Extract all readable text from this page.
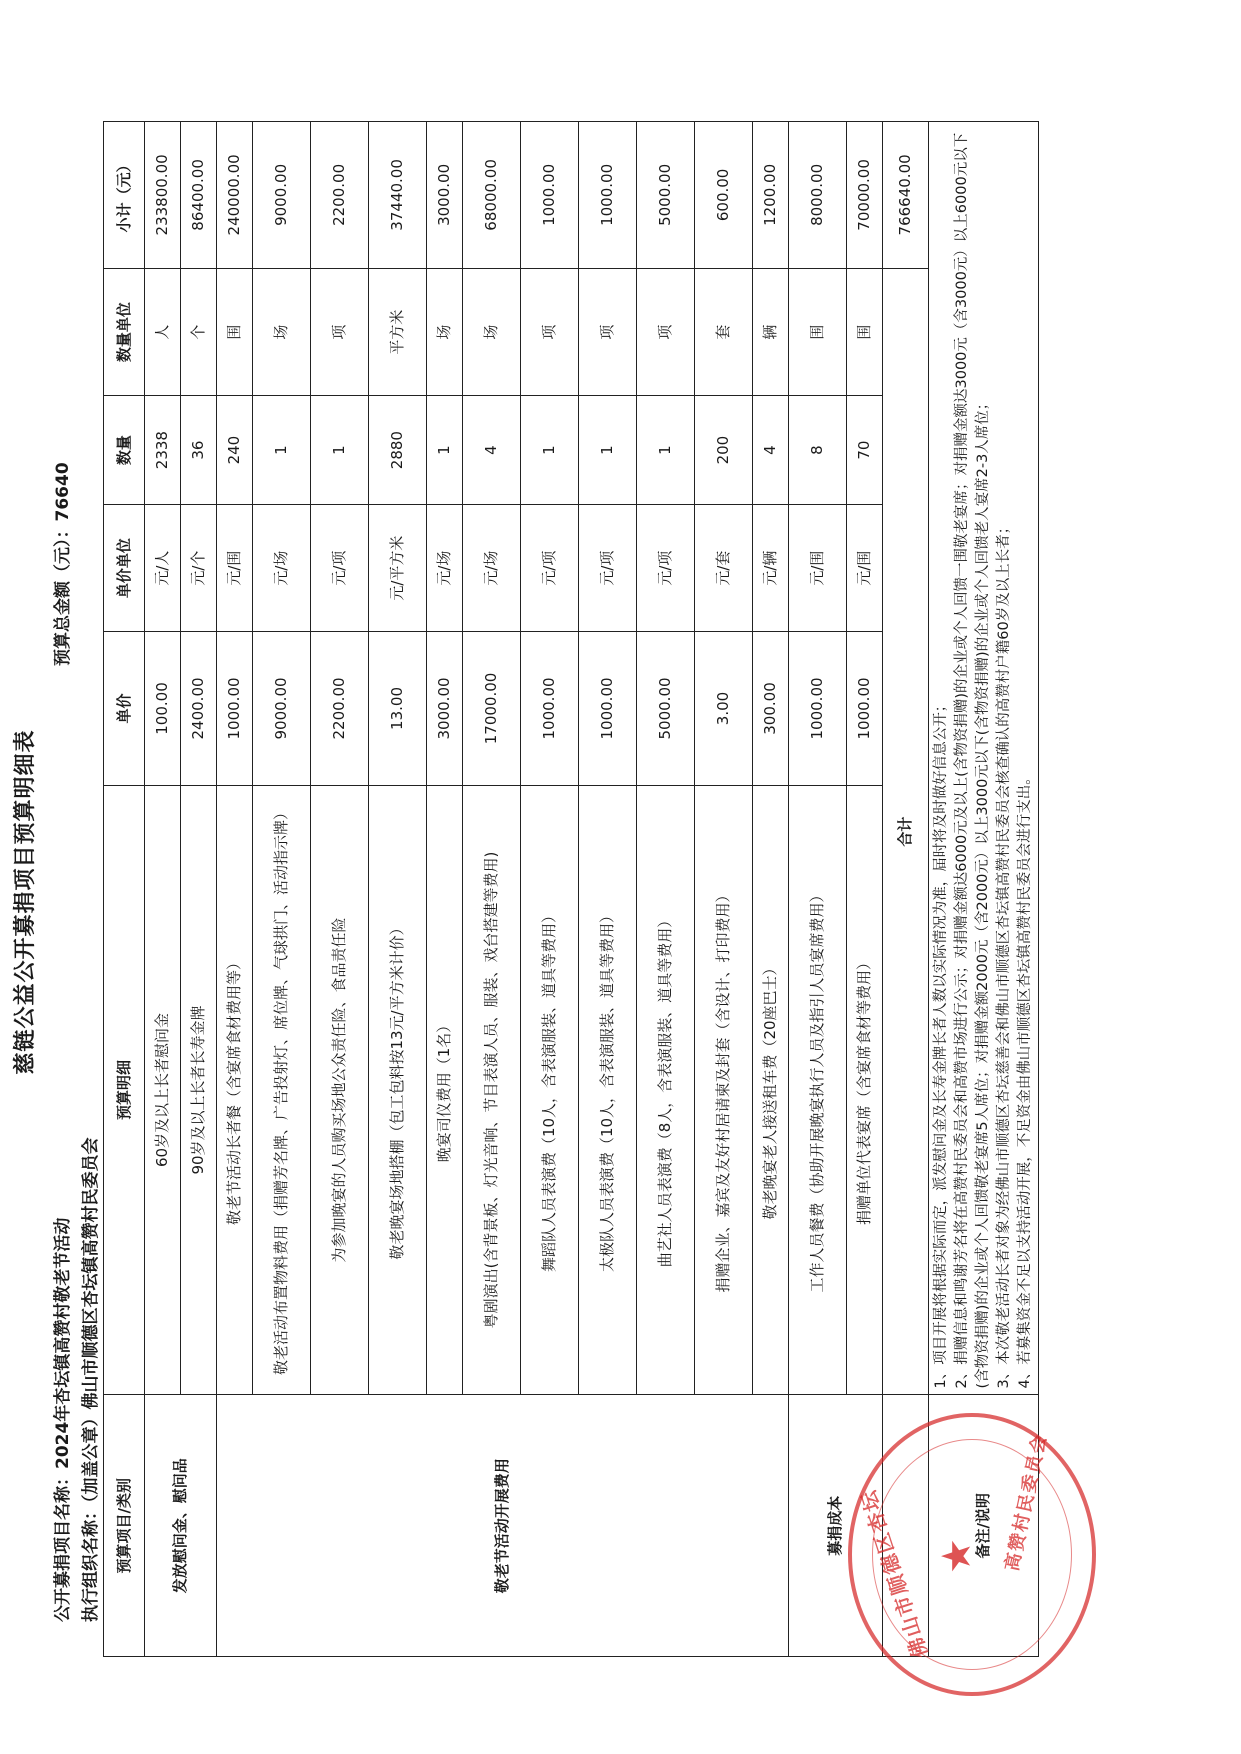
慈链公益公开募捐项目预算明细表
公开募捐项目名称：2024年杏坛镇高赞村敬老节活动
预算总金额（元）：76640
执行组织名称：（加盖公章）佛山市顺德区杏坛镇高赞村民委员会 预算项目/类别	预算明细	单价	单价单位	数量	数量单位	小计（元）
发放慰问金、慰问品	60岁及以上长者慰问金	100.00	元/人	2338	人	233800.00
	90岁及以上长者长寿金牌	2400.00	元/个	36	个	86400.00
敬老节活动开展费用	敬老节活动长者餐（含宴席食材费用等）	1000.00	元/围	240	围	240000.00
	敬老活动布置物料费用（捐赠芳名牌、广告投射灯、席位牌、气球拱门、活动指示牌）	9000.00	元/场	1	场	9000.00
	为参加晚宴的人员购买场地公众责任险、食品责任险	2200.00	元/项	1	项	2200.00
	敬老晚宴场地搭棚（包工包料按13元/平方米计价）	13.00	元/平方米	2880	平方米	37440.00
	晚宴司仪费用（1名）	3000.00	元/场	1	场	3000.00
	粤剧演出(含背景板、灯光音响、节目表演人员、服装、戏台搭建等费用)	17000.00	元/场	4	场	68000.00
	舞蹈队人员表演费（10人，含表演服装、道具等费用）	1000.00	元/项	1	项	1000.00
	太极队人员表演费（10人，含表演服装、道具等费用）	1000.00	元/项	1	项	1000.00
	曲艺社人员表演费（8人，含表演服装、道具等费用）	5000.00	元/项	1	项	5000.00
	捐赠企业、嘉宾及友好村居请柬及封套（含设计、打印费用）	3.00	元/套	200	套	600.00
	敬老晚宴老人接送租车费（20座巴士）	300.00	元/辆	4	辆	1200.00
募捐成本	工作人员餐费（协助开展晚宴执行人员及指引人员宴席费用）	1000.00	元/围	8	围	8000.00
	捐赠单位代表宴席（含宴席食材等费用）	1000.00	元/围	70	围	70000.00
	合计					766640.00
备注/说明	1、项目开展将根据实际而定，派发慰问金及长寿金牌长者人数以实际情况为准，届时将及时做好信息公开； 2、捐赠信息和鸣谢芳名将在高赞村民委员会和高赞市场进行公示；对捐赠金额达6000元及以上(含物资捐赠)的企业或个人回馈一围敬老宴席；对捐赠金额达3000元（含3000元）以上6000元以下(含物资捐赠)的企业或个人回馈敬老宴席5人席位；对捐赠金额2000元（含2000元）以上3000元以下(含物资捐赠)的企业或个人回馈老人宴席2-3人席位； 3、本次敬老活动长者对象为经佛山市顺德区杏坛慈善会和佛山市顺德区杏坛镇高赞村民委员会核查确认的高赞村户籍60岁及以上长者； 4、若募集资金不足以支持活动开展，不足资金由佛山市顺德区杏坛镇高赞村民委员会进行支出。					

★
佛山市顺德区杏坛	高赞村民委员会
